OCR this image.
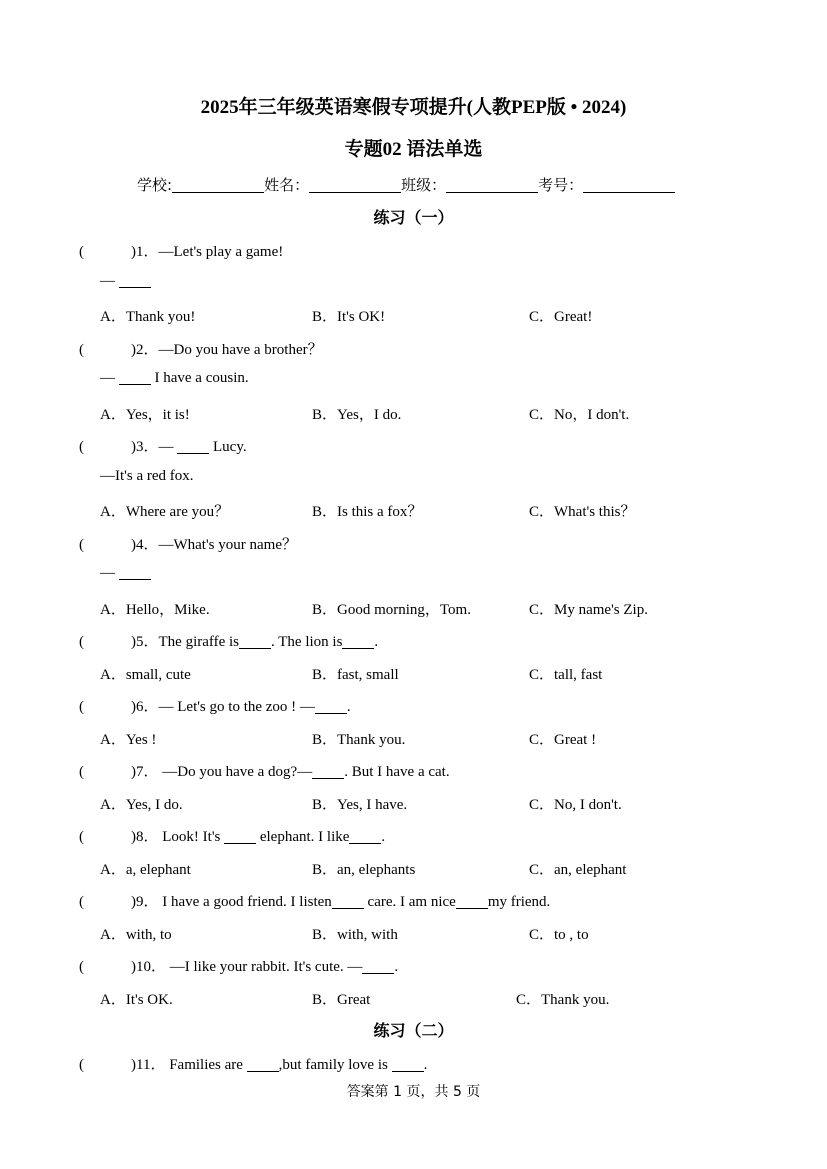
2025年三年级英语寒假专项提升(人教PEP版 • 2024)
专题02 语法单选
学校:	姓名：	班级：	考号：
练习（一）
(	)1．—Let's play a game!
—
A．Thank you!	B．It's OK!	C．Great!
(	)2．—Do you have a brother？
—	I have a cousin.
A．Yes，it is!	B．Yes，I do.	C．No，I don't.
(	)3．—	Lucy.
—It's a red fox.
A．Where are you？	B．Is this a fox？	C．What's this？
(	)4．—What's your name？
—
A．Hello，Mike.	B．Good morning，Tom.	C．My name's Zip.
(	)5．The giraffe is . The lion is .
A．small, cute	B．fast, small	C．tall, fast
(	)6．— Let's go to the zoo ! — .
A．Yes !	B．Thank you.	C．Great !
(	)7． —Do you have a dog?— . But I have a cat.
A．Yes, I do.	B．Yes, I have.	C．No, I don't.
(	)8． Look! It's	elephant. I like .
A．a, elephant	B．an, elephants	C．an, elephant
(	)9． I have a good friend. I listen care. I am nice my friend.
A．with, to	B．with, with	C．to , to
(	)10． —I like your rabbit. It's cute. — .
A．It's OK.	B．Great	C．Thank you.
练习（二）
(	)11． Families are ,but family love is .
答案第 1 页，共 5 页
